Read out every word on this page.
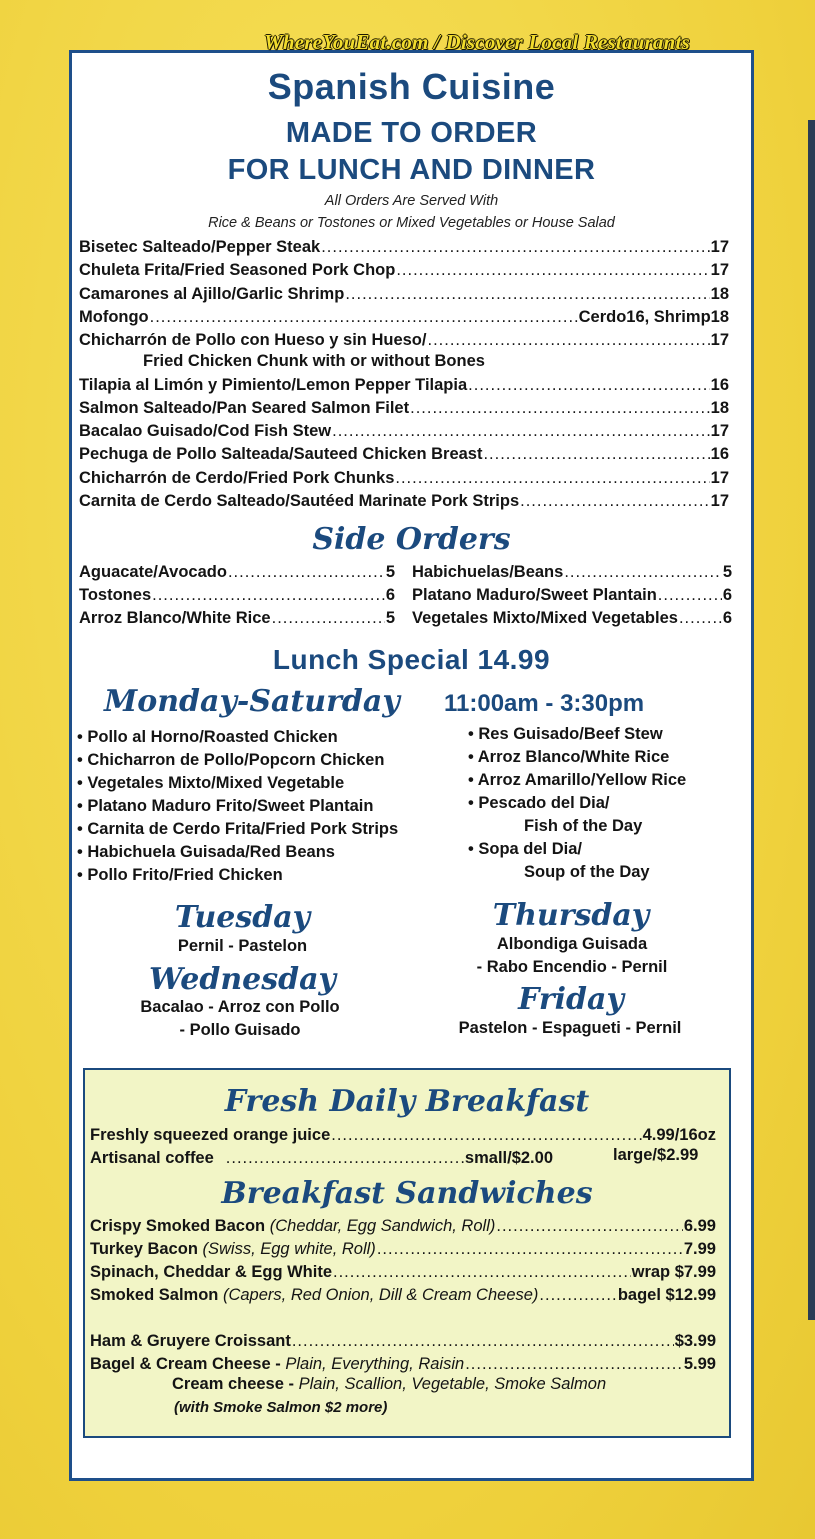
WhereYouEat.com / Discover Local Restaurants
Spanish Cuisine
MADE TO ORDER
FOR LUNCH AND DINNER
All Orders Are Served With
Rice & Beans or Tostones or Mixed Vegetables or House Salad
Bisetec Salteado/Pepper Steak .....	17
Chuleta Frita/Fried Seasoned Pork Chop .....	17
Camarones al Ajillo/Garlic Shrimp .....	18
Mofongo .....	Cerdo16, Shrimp18
Chicharrón de Pollo con Hueso y sin Hueso/ .....	17
Fried Chicken Chunk with or without Bones
Tilapia al Limón y Pimiento/Lemon Pepper Tilapia .....	16
Salmon Salteado/Pan Seared Salmon Filet .....	18
Bacalao Guisado/Cod Fish Stew .....	17
Pechuga de Pollo Salteada/Sauteed Chicken Breast .....	16
Chicharrón de Cerdo/Fried Pork Chunks .....	17
Carnita de Cerdo Salteado/Sautéed Marinate Pork Strips .....	17
Side Orders
Aguacate/Avocado .....	5
Tostones .....	6
Arroz Blanco/White Rice .....	5
Habichuelas/Beans .....	5
Platano Maduro/Sweet Plantain .....	6
Vegetales Mixto/Mixed Vegetables .....	6
Lunch Special 14.99
Monday-Saturday 11:00am - 3:30pm
• Pollo al Horno/Roasted Chicken
• Chicharron de Pollo/Popcorn Chicken
• Vegetales Mixto/Mixed Vegetable
• Platano Maduro Frito/Sweet Plantain
• Carnita de Cerdo Frita/Fried Pork Strips
• Habichuela Guisada/Red Beans
• Pollo Frito/Fried Chicken
• Res Guisado/Beef Stew
• Arroz Blanco/White Rice
• Arroz Amarillo/Yellow Rice
• Pescado del Dia/
Fish of the Day
• Sopa del Dia/
Soup of the Day
Tuesday
Pernil - Pastelon
Wednesday
Bacalao - Arroz con Pollo
- Pollo Guisado
Thursday
Albondiga Guisada
- Rabo Encendio - Pernil
Friday
Pastelon - Espagueti - Pernil
Fresh Daily Breakfast
Freshly squeezed orange juice .....	4.99/16oz
Artisanal coffee .....	small/$2.00	large/$2.99
Breakfast Sandwiches
Crispy Smoked Bacon
(Cheddar, Egg Sandwich, Roll) .....	6.99
Turkey Bacon
(Swiss, Egg white, Roll) .....	7.99
Spinach, Cheddar & Egg White .....	wrap $7.99
Smoked Salmon
(Capers, Red Onion, Dill & Cream Cheese) .....	bagel $12.99
Ham & Gruyere Croissant .....	$3.99
Bagel & Cream Cheese -
Plain, Everything, Raisin .....	5.99
Cream cheese - Plain, Scallion, Vegetable, Smoke Salmon
(with Smoke Salmon $2 more)
